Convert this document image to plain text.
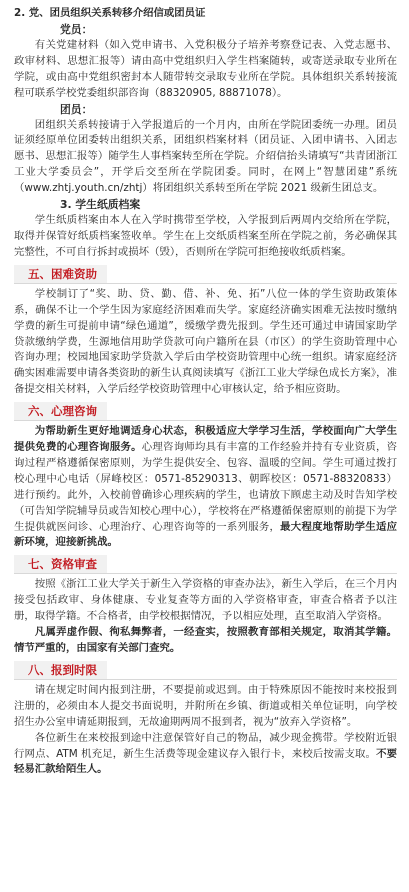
2. 党、团员组织关系转移介绍信或团员证

党员：

有关党建材料（如入党申请书、入党积极分子培养考察登记表、入党志愿书、政审材料、思想汇报等）请由高中党组织归入学生档案随转，或寄送录取专业所在学院，或由高中党组织密封本人随带转交录取专业所在学院。具体组织关系转接流程可联系学校党委组织部咨询（88320905, 88871078）。

团员：

团组织关系转接请于入学报道后的一个月内，由所在学院团委统一办理。团员证须经原单位团委转出组织关系，团组织档案材料（团员证、入团申请书、入团志愿书、思想汇报等）随学生人事档案转至所在学院。介绍信抬头请填写“共青团浙江工业大学委员会”，开学后交至所在学院团委。同时，在网上“智慧团建”系统（www.zhtj.youth.cn/zhtj）将团组织关系转至所在学院 2021 级新生团总支。

3. 学生纸质档案

学生纸质档案由本人在入学时携带至学校，入学报到后两周内交给所在学院，取得并保管好纸质档案签收单。学生在上交纸质档案至所在学院之前，务必确保其完整性，不可自行拆封或损坏（毁），否则所在学院可拒绝接收纸质档案。

五、困难资助

学校制订了“奖、助、贷、勤、借、补、免、拓”八位一体的学生资助政策体系，确保不让一个学生因为家庭经济困难而失学。家庭经济确实困难无法按时缴纳学费的新生可提前申请“绿色通道”，缓缴学费先报到。学生还可通过申请国家助学贷款缴纳学费，生源地信用助学贷款可向户籍所在县（市区）的学生资助管理中心咨询办理；校园地国家助学贷款入学后由学校资助管理中心统一组织。请家庭经济确实困难需要申请各类资助的新生认真阅读填写《浙江工业大学绿色成长方案》，准备提交相关材料，入学后经学校资助管理中心审核认定，给予相应资助。

六、心理咨询

为帮助新生更好地调适身心状态，积极适应大学学习生活，学校面向广大学生提供免费的心理咨询服务。心理咨询师均具有丰富的工作经验并持有专业资质，咨询过程严格遵循保密原则，为学生提供安全、包容、温暖的空间。学生可通过拨打校心理中心电话（屏峰校区：0571-85290313、朝晖校区：0571-88320833）进行预约。此外，入校前曾确诊心理疾病的学生，也请放下顾虑主动及时告知学校（可告知学院辅导员或告知校心理中心），学校将在严格遵循保密原则的前提下为学生提供就医问诊、心理治疗、心理咨询等的一系列服务，最大程度地帮助学生适应新环境，迎接新挑战。

七、资格审查

按照《浙江工业大学关于新生入学资格的审查办法》，新生入学后，在三个月内接受包括政审、身体健康、专业复查等方面的入学资格审查，审查合格者予以注册，取得学籍。不合格者，由学校根据情况，予以相应处理，直至取消入学资格。

凡属弄虚作假、徇私舞弊者，一经查实，按照教育部相关规定，取消其学籍。情节严重的，由国家有关部门查究。

八、报到时限

请在规定时间内报到注册，不要提前或迟到。由于特殊原因不能按时来校报到注册的，必须由本人提交书面说明，并附所在乡镇、街道或相关单位证明，向学校招生办公室申请延期报到，无故逾期两周不报到者，视为“放弃入学资格”。

各位新生在来校报到途中注意保管好自己的物品，减少现金携带。学校附近银行网点、ATM 机充足，新生生活费等现金建议存入银行卡，来校后按需支取。不要轻易汇款给陌生人。
